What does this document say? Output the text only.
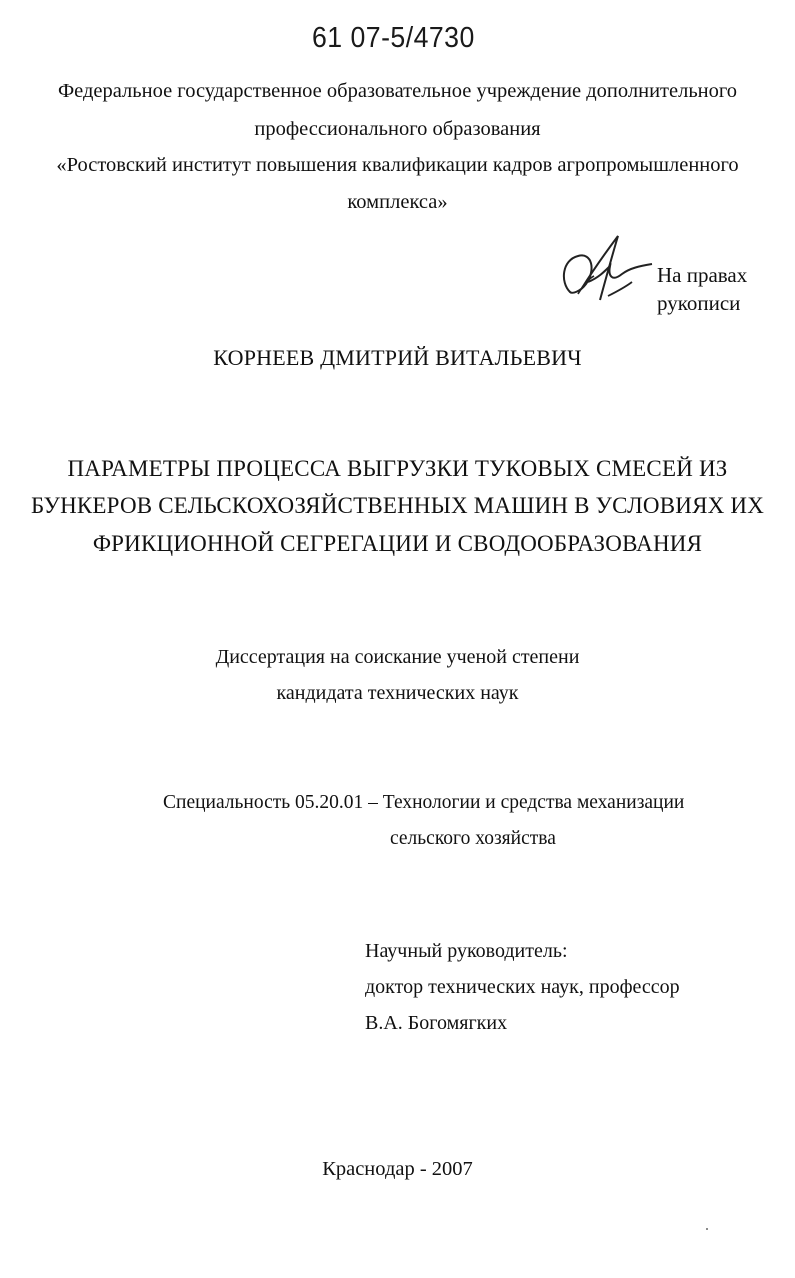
61 07-5/4730
Федеральное государственное образовательное учреждение дополнительного
профессионального образования
«Ростовский институт повышения квалификации кадров агропромышленного
комплекса»
На правах
рукописи
КОРНЕЕВ ДМИТРИЙ ВИТАЛЬЕВИЧ
ПАРАМЕТРЫ ПРОЦЕССА ВЫГРУЗКИ ТУКОВЫХ СМЕСЕЙ ИЗ
БУНКЕРОВ СЕЛЬСКОХОЗЯЙСТВЕННЫХ МАШИН В УСЛОВИЯХ ИХ
ФРИКЦИОННОЙ СЕГРЕГАЦИИ И СВОДООБРАЗОВАНИЯ
Диссертация на соискание ученой степени
кандидата технических наук
Специальность 05.20.01 – Технологии и средства механизации
сельского хозяйства
Научный руководитель:
доктор технических наук, профессор
В.А. Богомягких
Краснодар - 2007
